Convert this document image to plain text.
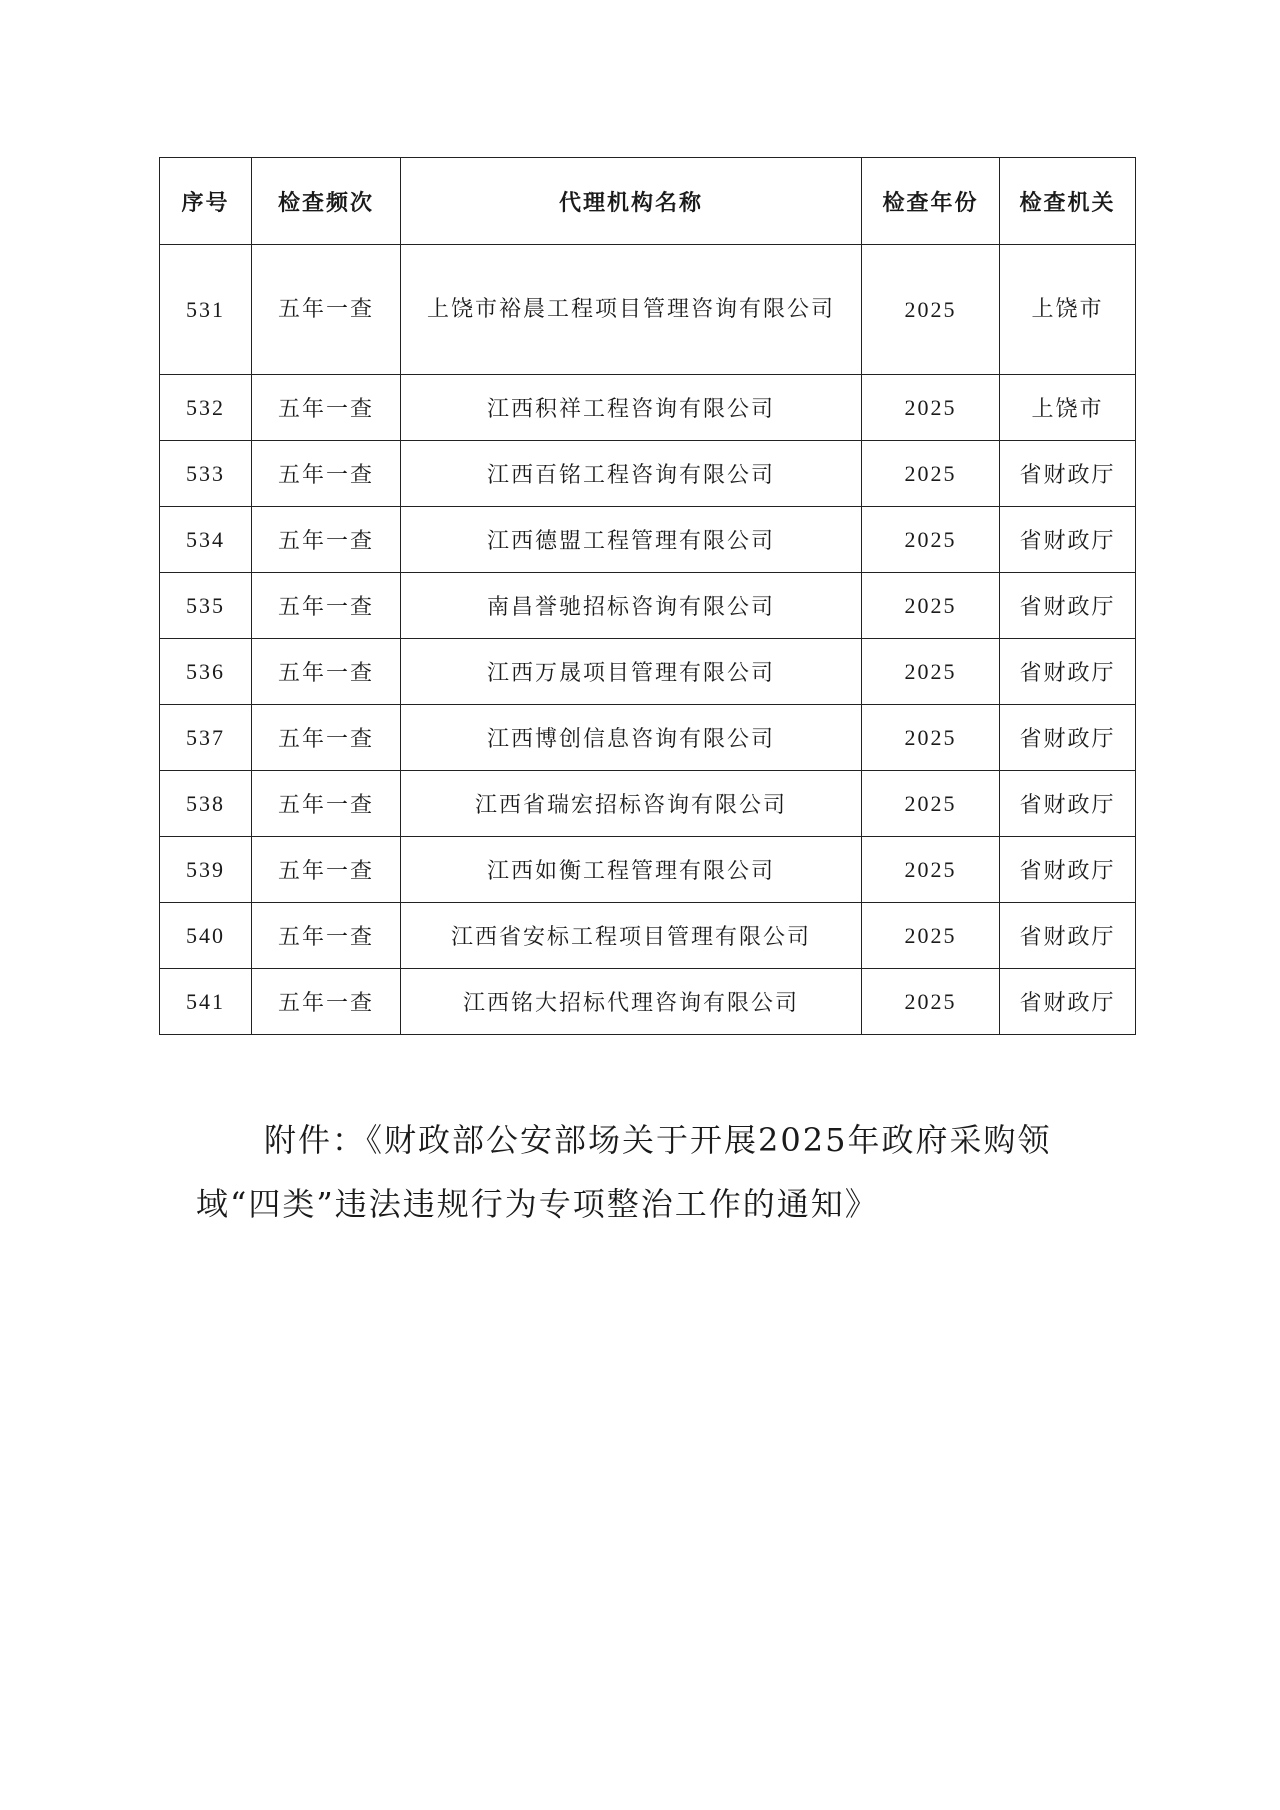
序号	检查频次	代理机构名称	检查年份	检查机关
531	五年一查	上饶市裕晨工程项目管理咨询有限公司	2025	上饶市
532	五年一查	江西积祥工程咨询有限公司	2025	上饶市
533	五年一查	江西百铭工程咨询有限公司	2025	省财政厅
534	五年一查	江西德盟工程管理有限公司	2025	省财政厅
535	五年一查	南昌誉驰招标咨询有限公司	2025	省财政厅
536	五年一查	江西万晟项目管理有限公司	2025	省财政厅
537	五年一查	江西博创信息咨询有限公司	2025	省财政厅
538	五年一查	江西省瑞宏招标咨询有限公司	2025	省财政厅
539	五年一查	江西如衡工程管理有限公司	2025	省财政厅
540	五年一查	江西省安标工程项目管理有限公司	2025	省财政厅
541	五年一查	江西铭大招标代理咨询有限公司	2025	省财政厅
附件：《财政部公安部场关于开展2025年政府采购领
域“四类”违法违规行为专项整治工作的通知》
